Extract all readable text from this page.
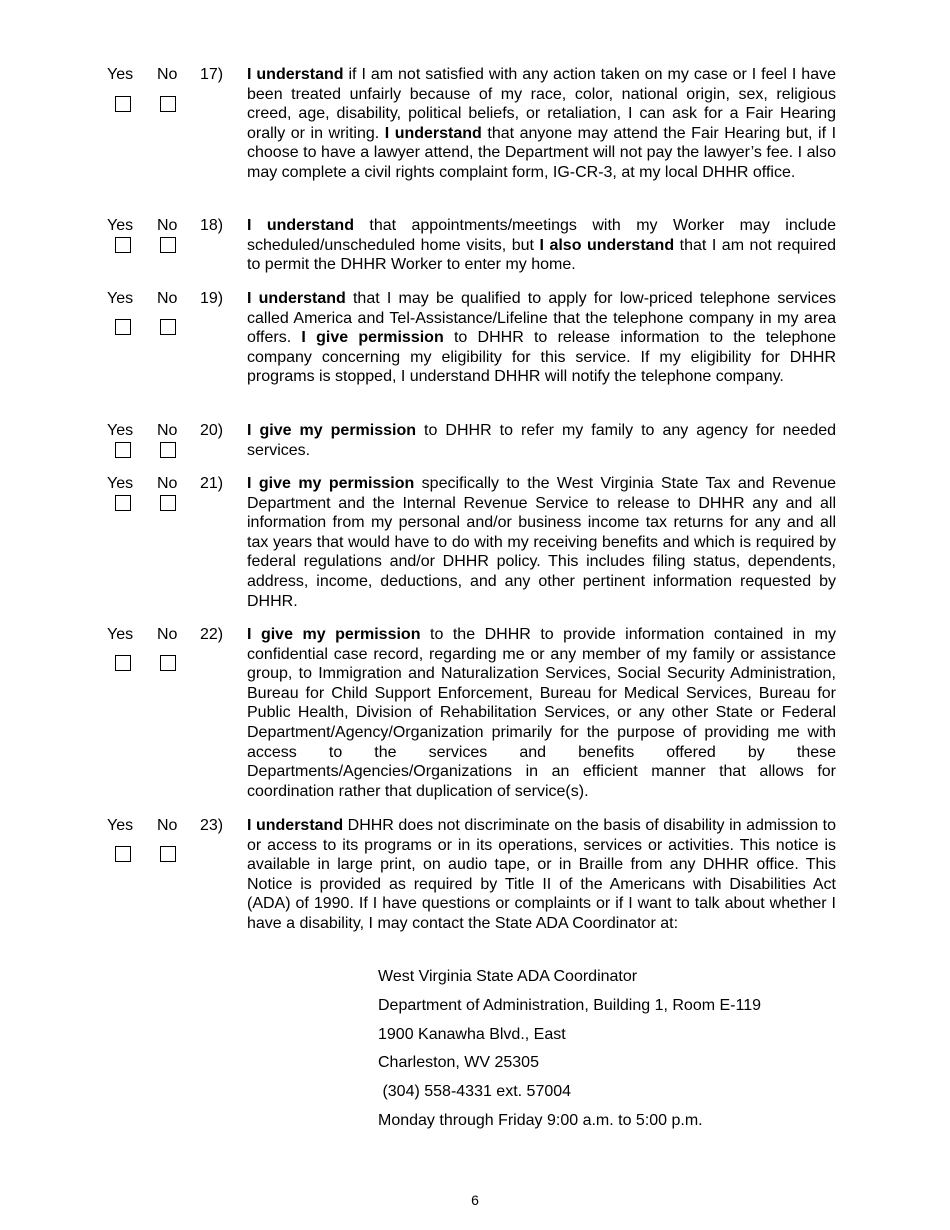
Yes No 17) I understand if I am not satisfied with any action taken on my case or I feel I have been treated unfairly because of my race, color, national origin, sex, religious creed, age, disability, political beliefs, or retaliation, I can ask for a Fair Hearing orally or in writing. I understand that anyone may attend the Fair Hearing but, if I choose to have a lawyer attend, the Department will not pay the lawyer’s fee. I also may complete a civil rights complaint form, IG-CR-3, at my local DHHR office.

Yes No 18) I understand that appointments/meetings with my Worker may include scheduled/unscheduled home visits, but I also understand that I am not required to permit the DHHR Worker to enter my home.

Yes No 19) I understand that I may be qualified to apply for low-priced telephone services called America and Tel-Assistance/Lifeline that the telephone company in my area offers. I give permission to DHHR to release information to the telephone company concerning my eligibility for this service. If my eligibility for DHHR programs is stopped, I understand DHHR will notify the telephone company.

Yes No 20) I give my permission to DHHR to refer my family to any agency for needed services.

Yes No 21) I give my permission specifically to the West Virginia State Tax and Revenue Department and the Internal Revenue Service to release to DHHR any and all information from my personal and/or business income tax returns for any and all tax years that would have to do with my receiving benefits and which is required by federal regulations and/or DHHR policy. This includes filing status, dependents, address, income, deductions, and any other pertinent information requested by DHHR.

Yes No 22) I give my permission to the DHHR to provide information contained in my confidential case record, regarding me or any member of my family or assistance group, to Immigration and Naturalization Services, Social Security Administration, Bureau for Child Support Enforcement, Bureau for Medical Services, Bureau for Public Health, Division of Rehabilitation Services, or any other State or Federal Department/Agency/Organization primarily for the purpose of providing me with access to the services and benefits offered by these Departments/Agencies/Organizations in an efficient manner that allows for coordination rather that duplication of service(s).

Yes No 23) I understand DHHR does not discriminate on the basis of disability in admission to or access to its programs or in its operations, services or activities. This notice is available in large print, on audio tape, or in Braille from any DHHR office. This Notice is provided as required by Title II of the Americans with Disabilities Act (ADA) of 1990. If I have questions or complaints or if I want to talk about whether I have a disability, I may contact the State ADA Coordinator at:

West Virginia State ADA Coordinator

Department of Administration, Building 1, Room E-119

1900 Kanawha Blvd., East

Charleston, WV 25305

(304) 558-4331 ext. 57004

Monday through Friday 9:00 a.m. to 5:00 p.m.

6
